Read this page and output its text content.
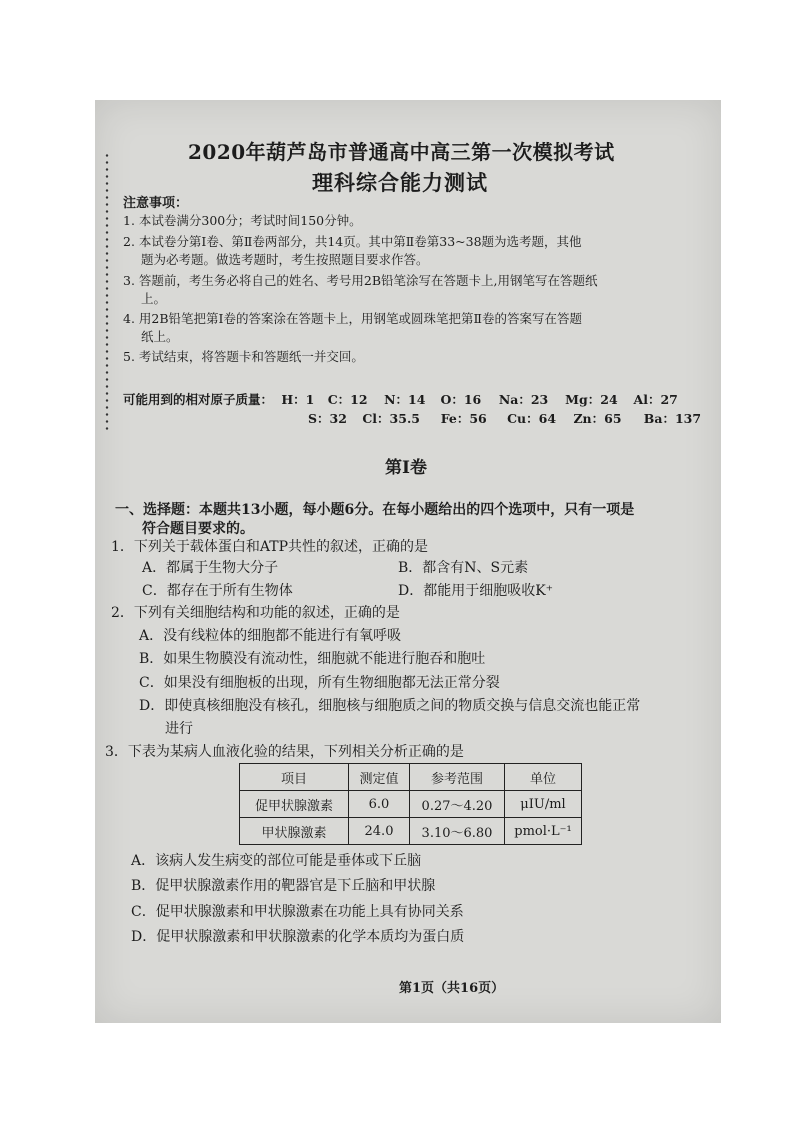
2020年葫芦岛市普通高中高三第一次模拟考试
理科综合能力测试
注意事项：
1. 本试卷满分300分；考试时间150分钟。
2. 本试卷分第Ⅰ卷、第Ⅱ卷两部分，共14页。其中第Ⅱ卷第33~38题为选考题，其他
题为必考题。做选考题时，考生按照题目要求作答。
3. 答题前，考生务必将自己的姓名、考号用2B铅笔涂写在答题卡上,用钢笔写在答题纸
上。
4. 用2B铅笔把第Ⅰ卷的答案涂在答题卡上，用钢笔或圆珠笔把第Ⅱ卷的答案写在答题
纸上。
5. 考试结束，将答题卡和答题纸一并交回。
可能用到的相对原子质量： H：1 C：12 N：14 O：16 Na：23 Mg：24 Al：27
S：32 Cl：35.5 Fe：56 Cu：64 Zn：65 Ba：137
第Ⅰ卷
一、选择题：本题共13小题，每小题6分。在每小题给出的四个选项中，只有一项是
符合题目要求的。
1．下列关于载体蛋白和ATP共性的叙述，正确的是
A．都属于生物大分子	B．都含有N、S元素
C．都存在于所有生物体	D．都能用于细胞吸收K⁺
2．下列有关细胞结构和功能的叙述，正确的是
A．没有线粒体的细胞都不能进行有氧呼吸
B．如果生物膜没有流动性，细胞就不能进行胞吞和胞吐
C．如果没有细胞板的出现，所有生物细胞都无法正常分裂
D．即使真核细胞没有核孔，细胞核与细胞质之间的物质交换与信息交流也能正常
进行
3．下表为某病人血液化验的结果，下列相关分析正确的是
项目	测定值	参考范围	单位
促甲状腺激素	6.0	0.27～4.20	μIU/ml
甲状腺激素	24.0	3.10～6.80	pmol·L⁻¹
A．该病人发生病变的部位可能是垂体或下丘脑
B．促甲状腺激素作用的靶器官是下丘脑和甲状腺
C．促甲状腺激素和甲状腺激素在功能上具有协同关系
D．促甲状腺激素和甲状腺激素的化学本质均为蛋白质
第1页（共16页）
